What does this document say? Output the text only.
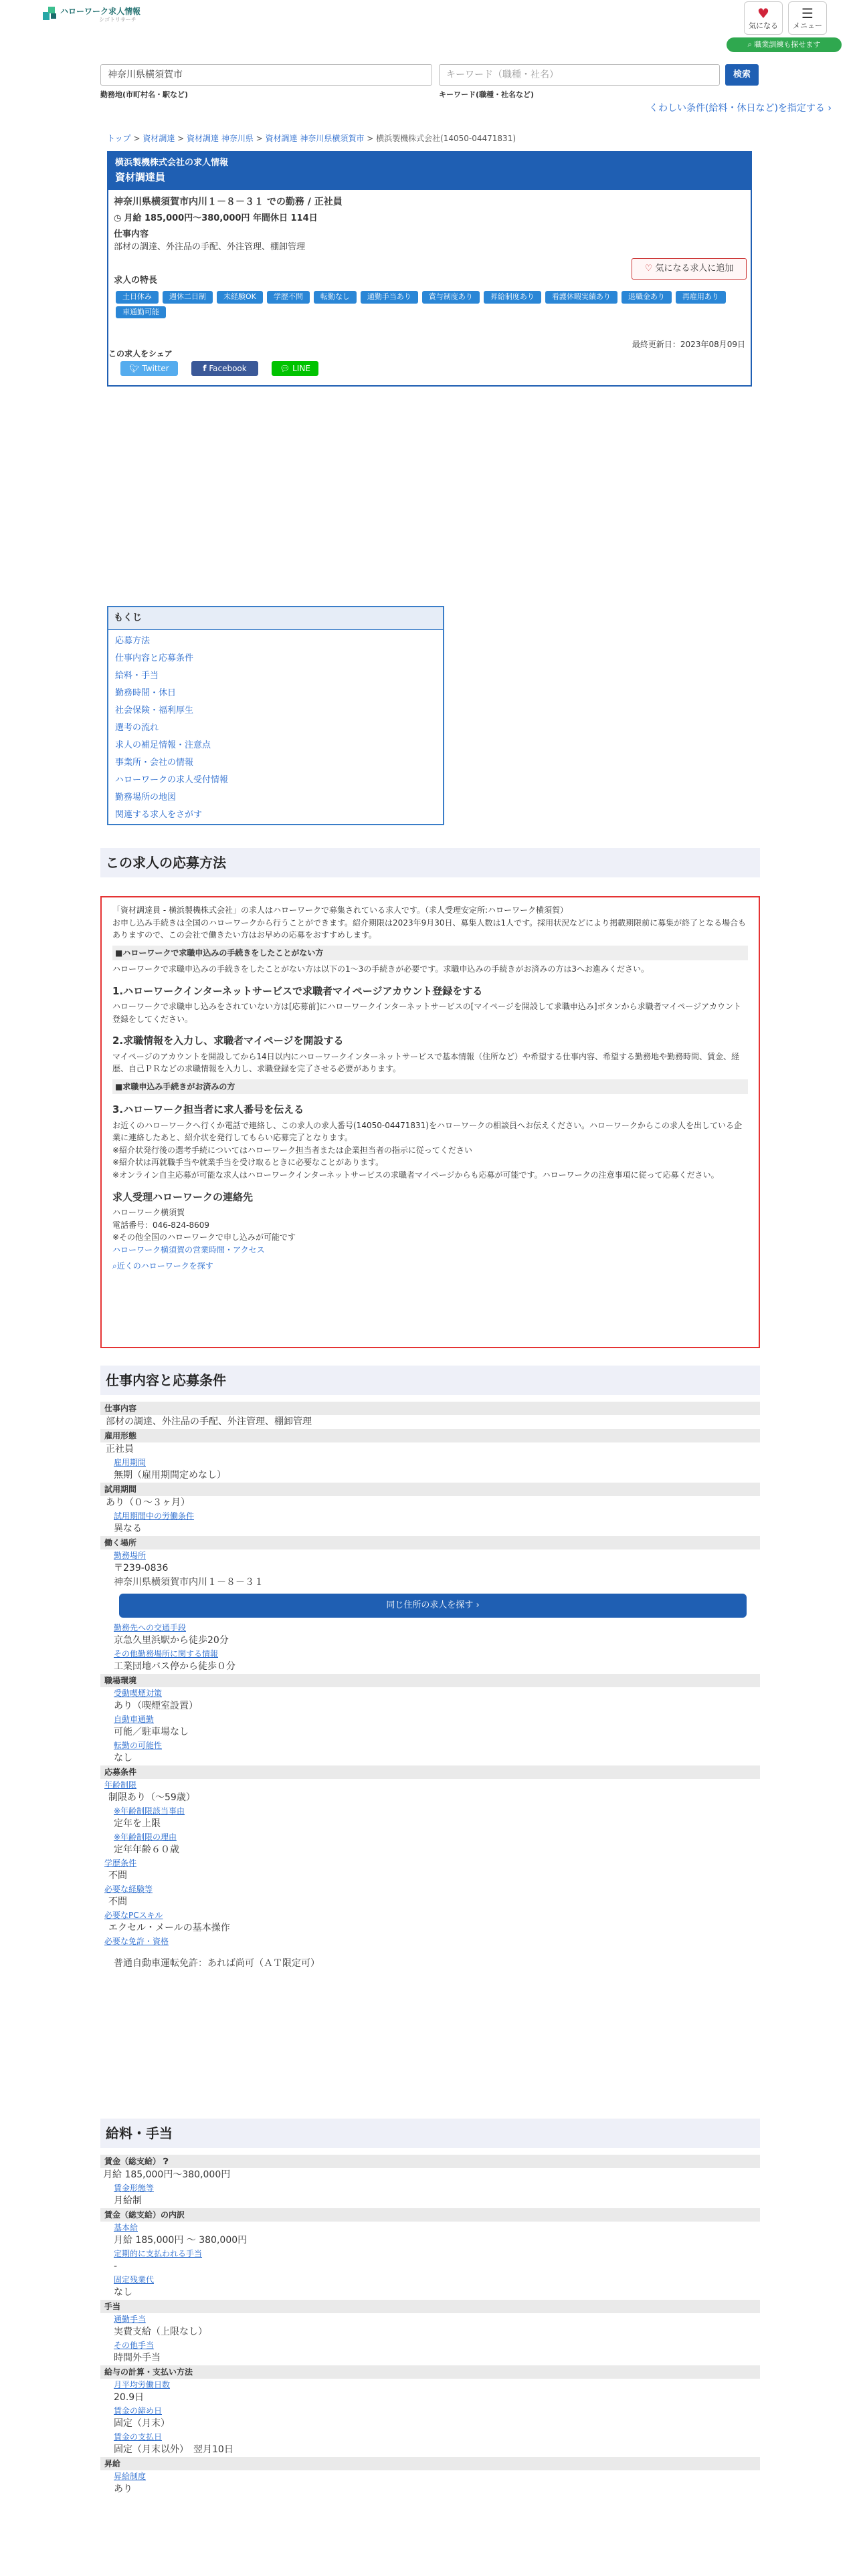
ハローワーク求人情報
シゴトリサーチ	♥
気になる
☰
メニュー
⌕ 職業訓練も探せます
神奈川県横須賀市	キーワード（職種・社名）	検索
勤務地(市町村名・駅など)	キーワード(職種・社名など)
くわしい条件(給料・休日など)を指定する ›
トップ > 資材調達 > 資材調達 神奈川県 > 資材調達 神奈川県横須賀市 > 横浜製機株式会社(14050-04471831)
横浜製機株式会社の求人情報
資材調達員
神奈川県横須賀市内川１－８－３１ での勤務 / 正社員
◷ 月給 185,000円～380,000円 年間休日 114日
仕事内容
部材の調達、外注品の手配、外注管理、棚卸管理
♡ 気になる求人に追加
求人の特長
土日休み 週休二日制 未経験OK 学歴不問 転勤なし 通勤手当あり 賞与制度あり 昇給制度あり 看護休暇実績あり 退職金あり 再雇用あり車通勤可能
最終更新日：2023年08月09日
この求人をシェア
🐦︎ Twitter	f Facebook	💬︎ LINE
もくじ
応募方法
仕事内容と応募条件
給料・手当
勤務時間・休日
社会保険・福利厚生
選考の流れ
求人の補足情報・注意点
事業所・会社の情報
ハローワークの求人受付情報
勤務場所の地図
関連する求人をさがす
この求人の応募方法
「資材調達員 - 横浜製機株式会社」の求人はハローワークで募集されている求人です。（求人受理安定所:ハローワーク横須賀）
お申し込み手続きは全国のハローワークから行うことができます。紹介期限は2023年9月30日、募集人数は1人です。採用状況などにより掲載期限前に募集が終了となる場合もありますので、この会社で働きたい方はお早めの応募をおすすめします。
■ハローワークで求職申込みの手続きをしたことがない方
ハローワークで求職申込みの手続きをしたことがない方は以下の1～3の手続きが必要です。求職申込みの手続きがお済みの方は3へお進みください。
1.ハローワークインターネットサービスで求職者マイページアカウント登録をする
ハローワークで求職申し込みをされていない方は[応募前]にハローワークインターネットサービスの[マイページを開設して求職申込み]ボタンから求職者マイページアカウント登録をしてください。
2.求職情報を入力し、求職者マイページを開設する
マイページのアカウントを開設してから14日以内にハローワークインターネットサービスで基本情報（住所など）や希望する仕事内容、希望する勤務地や勤務時間、賃金、経歴、自己ＰＲなどの求職情報を入力し、求職登録を完了させる必要があります。
■求職申込み手続きがお済みの方
3.ハローワーク担当者に求人番号を伝える
お近くのハローワークへ行くか電話で連絡し、この求人の求人番号(14050-04471831)をハローワークの相談員へお伝えください。ハローワークからこの求人を出している企業に連絡したあと、紹介状を発行してもらい応募完了となります。
※紹介状発行後の選考手続についてはハローワーク担当者または企業担当者の指示に従ってください
※紹介状は再就職手当や就業手当を受け取るときに必要なことがあります。
※オンライン自主応募が可能な求人はハローワークインターネットサービスの求職者マイページからも応募が可能です。ハローワークの注意事項に従って応募ください。
求人受理ハローワークの連絡先
ハローワーク横須賀
電話番号：046-824-8609
※その他全国のハローワークで申し込みが可能です
ハローワーク横須賀の営業時間・アクセス
⌕近くのハローワークを探す
仕事内容と応募条件
仕事内容
部材の調達、外注品の手配、外注管理、棚卸管理
雇用形態
正社員
雇用期間
無期（雇用期間定めなし）
試用期間
あり（０～３ヶ月）
試用期間中の労働条件
異なる
働く場所
勤務場所
〒239-0836
神奈川県横須賀市内川１－８－３１
同じ住所の求人を探す ›
勤務先への交通手段
京急久里浜駅から徒歩20分
その他勤務場所に関する情報
工業団地バス停から徒歩０分
職場環境
受動喫煙対策
あり（喫煙室設置）
自動車通勤
可能／駐車場なし
転勤の可能性
なし
応募条件
年齢制限
制限あり（～59歳）
※年齢制限該当事由
定年を上限
※年齢制限の理由
定年年齢６０歳
学歴条件
不問
必要な経験等
不問
必要なPCスキル
エクセル・メールの基本操作
必要な免許・資格
普通自動車運転免許：あれば尚可（ＡＴ限定可）
給料・手当
賃金（総支給） ❓︎
月給 185,000円～380,000円
賃金形態等
月給制
賃金（総支給）の内訳
基本給
月給 185,000円 ～ 380,000円
定期的に支払われる手当
-
固定残業代
なし
手当
通勤手当
実費支給（上限なし）
その他手当
時間外手当
給与の計算・支払い方法
月平均労働日数
20.9日
賃金の締め日
固定（月末）
賃金の支払日
固定（月末以外）　翌月10日
昇給
昇給制度
あり
